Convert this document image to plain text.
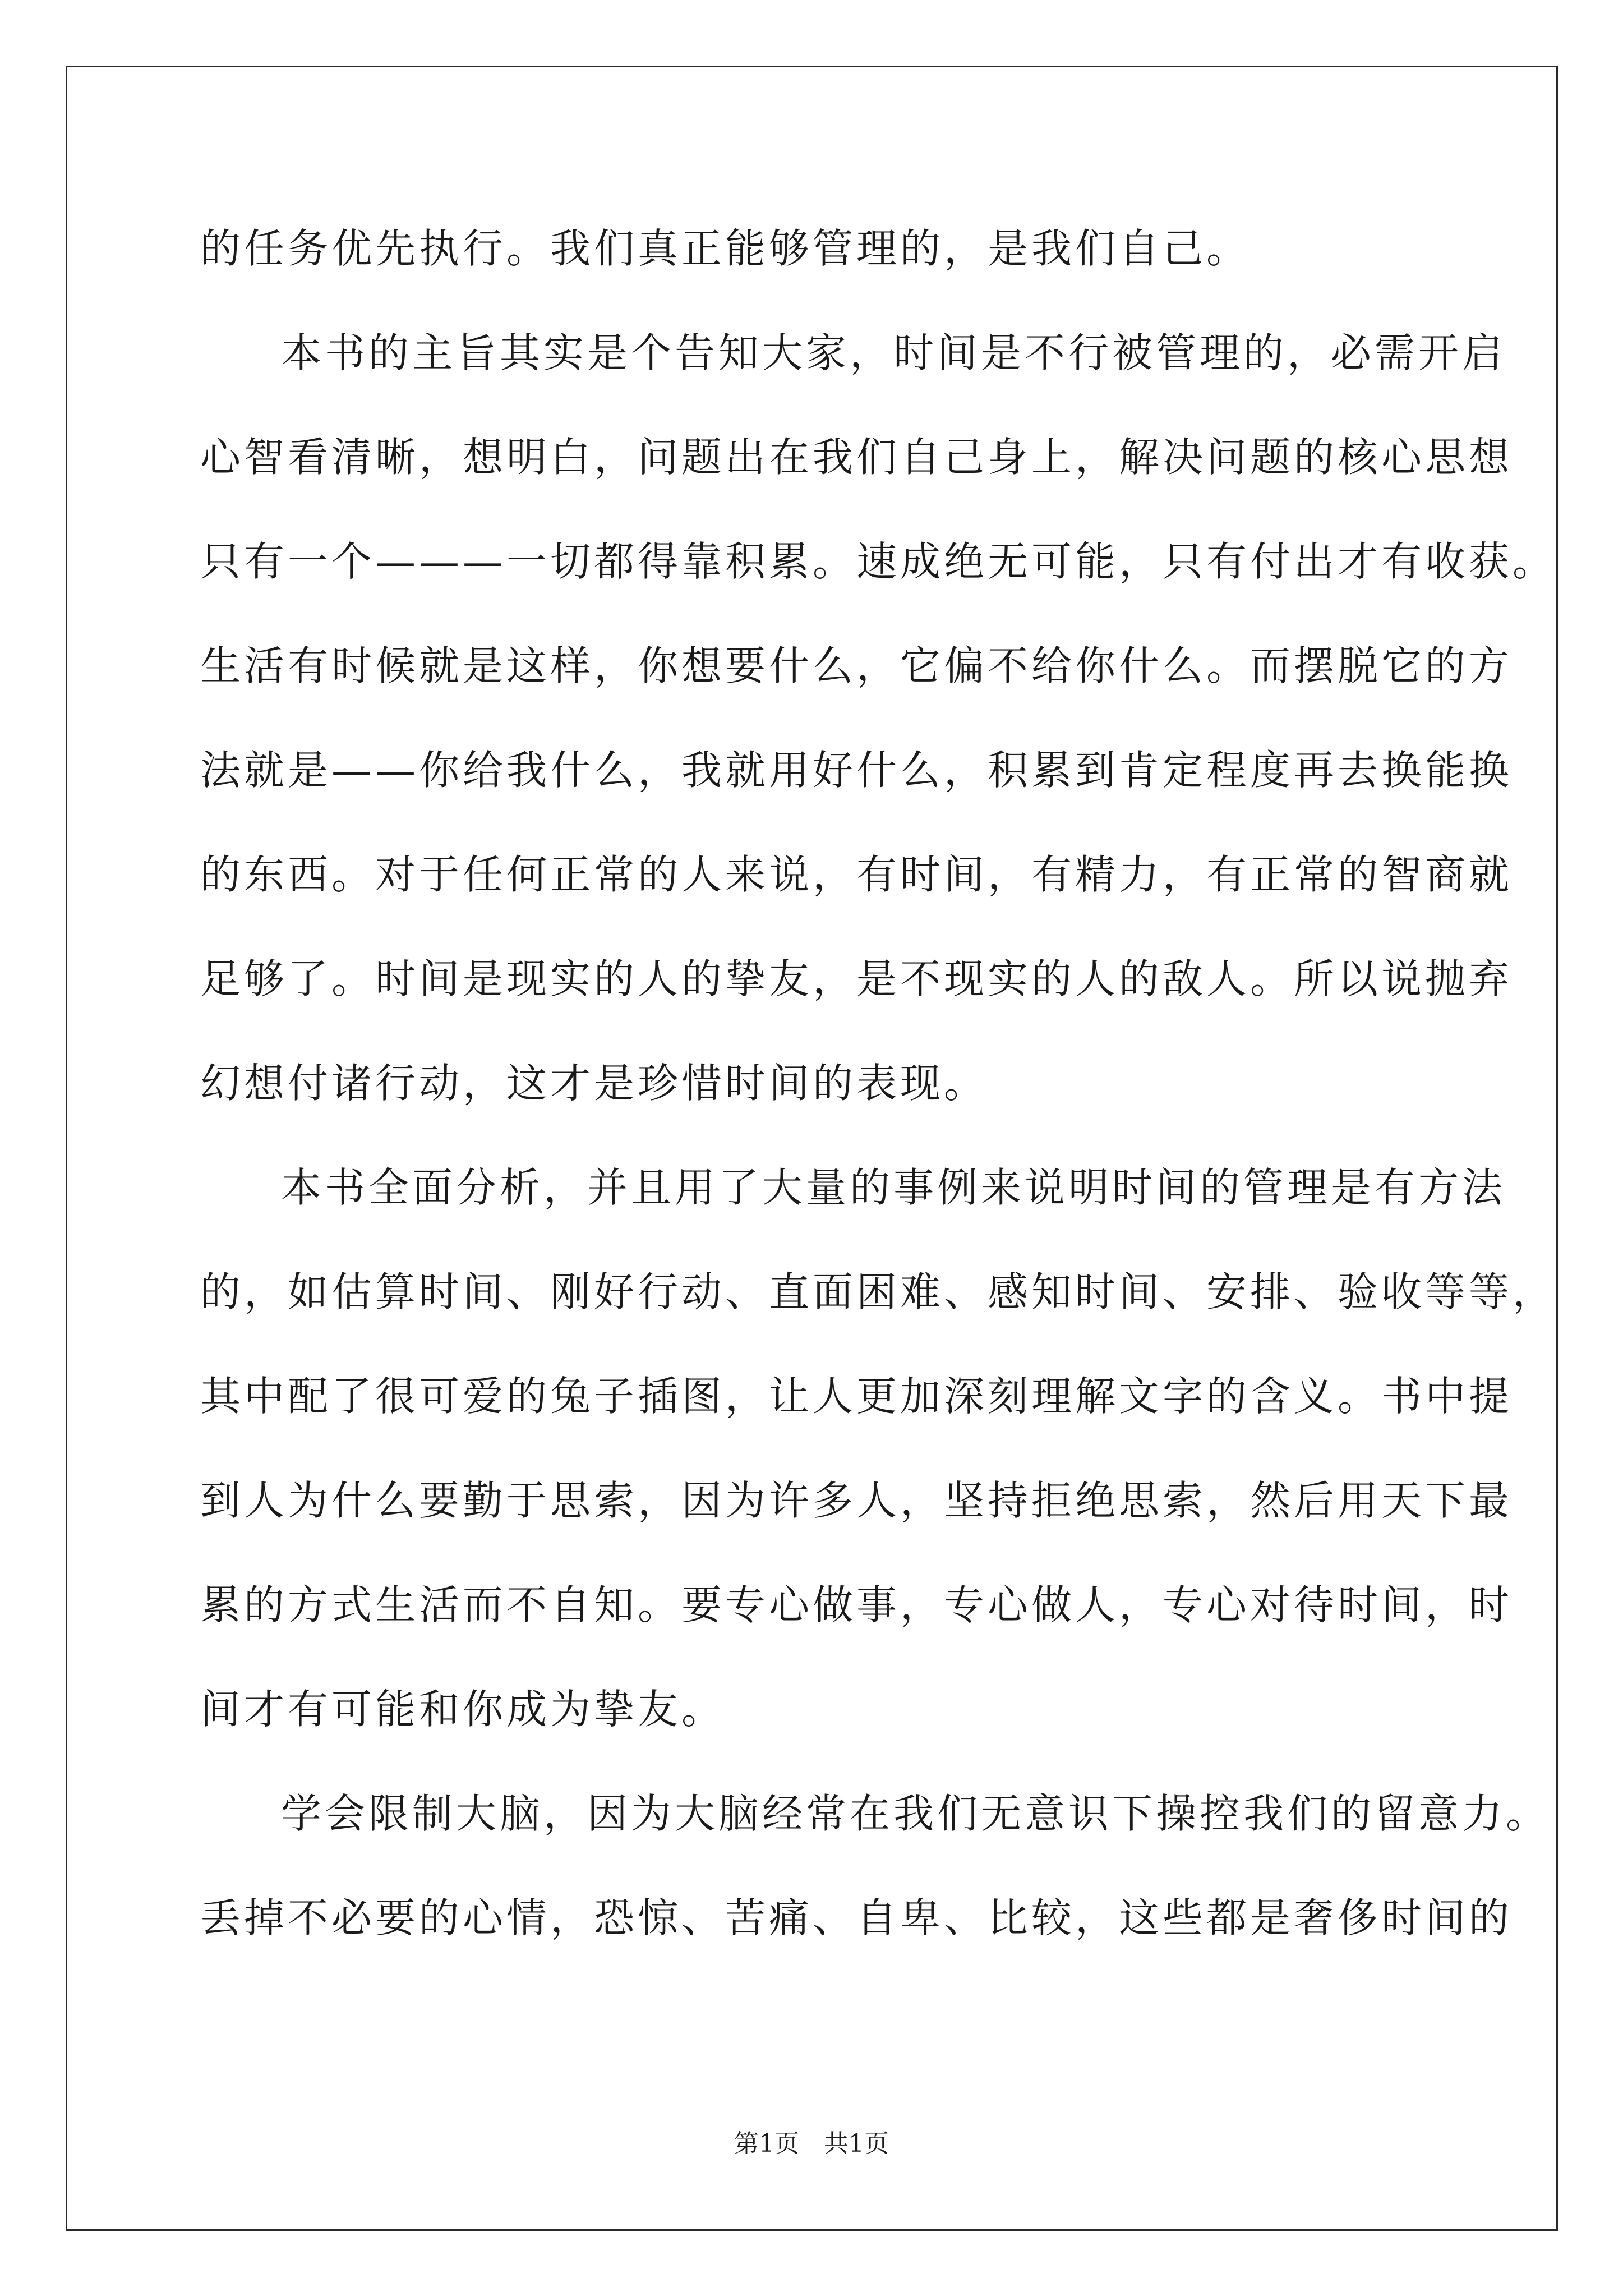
的任务优先执行。我们真正能够管理的，是我们自己。
本书的主旨其实是个告知大家，时间是不行被管理的，必需开启
心智看清晰，想明白，问题出在我们自己身上，解决问题的核心思想
只有一个———一切都得靠积累。速成绝无可能，只有付出才有收获。
生活有时候就是这样，你想要什么，它偏不给你什么。而摆脱它的方
法就是——你给我什么，我就用好什么，积累到肯定程度再去换能换
的东西。对于任何正常的人来说，有时间，有精力，有正常的智商就
足够了。时间是现实的人的挚友，是不现实的人的敌人。所以说抛弃
幻想付诸行动，这才是珍惜时间的表现。
本书全面分析，并且用了大量的事例来说明时间的管理是有方法
的，如估算时间、刚好行动、直面困难、感知时间、安排、验收等等，
其中配了很可爱的兔子插图，让人更加深刻理解文字的含义。书中提
到人为什么要勤于思索，因为许多人，坚持拒绝思索，然后用天下最
累的方式生活而不自知。要专心做事，专心做人，专心对待时间，时
间才有可能和你成为挚友。
学会限制大脑，因为大脑经常在我们无意识下操控我们的留意力。
丢掉不必要的心情，恐惊、苦痛、自卑、比较，这些都是奢侈时间的
第1页　共1页
